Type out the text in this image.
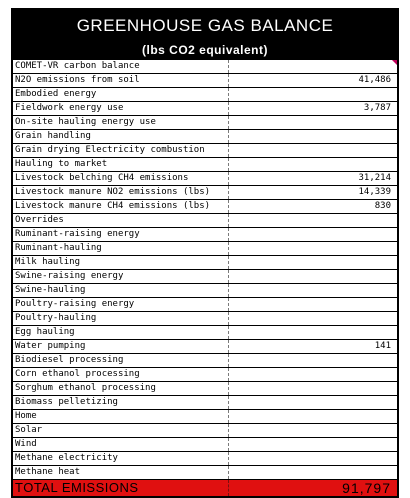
GREENHOUSE GAS BALANCE
(lbs CO2 equivalent)
COMET-VR carbon balance
N2O emissions from soil	41,486
Embodied energy
Fieldwork energy use	3,787
On-site hauling energy use
Grain handling
Grain drying Electricity combustion
Hauling to market
Livestock belching CH4 emissions	31,214
Livestock manure NO2 emissions (lbs)	14,339
Livestock manure CH4 emissions (lbs)	830
Overrides
Ruminant-raising energy
Ruminant-hauling
Milk hauling
Swine-raising energy
Swine-hauling
Poultry-raising energy
Poultry-hauling
Egg hauling
Water pumping	141
Biodiesel processing
Corn ethanol processing
Sorghum ethanol processing
Biomass pelletizing
Home
Solar
Wind
Methane electricity
Methane heat
TOTAL EMISSIONS	91,797
